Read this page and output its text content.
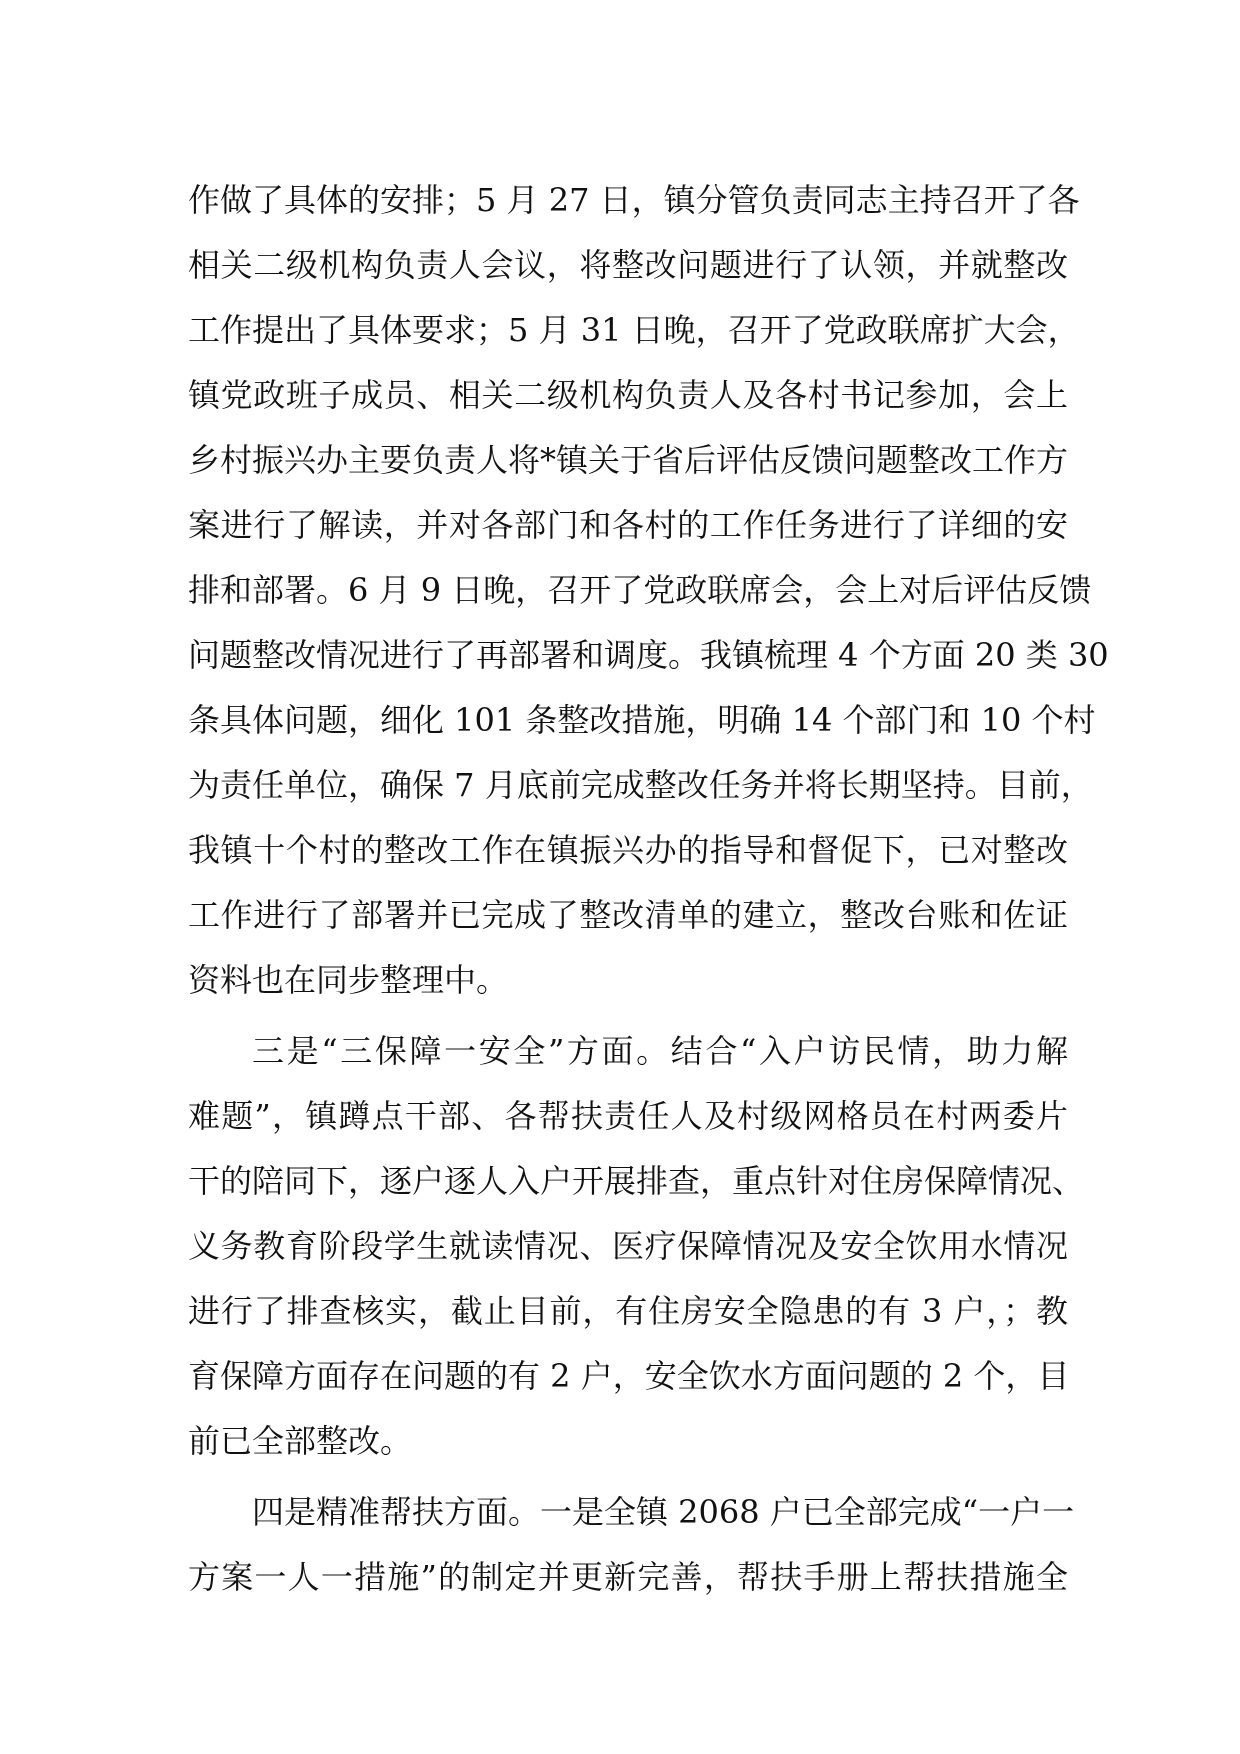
作做了具体的安排；5 月 27 日，镇分管负责同志主持召开了各
相关二级机构负责人会议，将整改问题进行了认领，并就整改
工作提出了具体要求；5 月 31 日晚，召开了党政联席扩大会，
镇党政班子成员、相关二级机构负责人及各村书记参加，会上
乡村振兴办主要负责人将*镇关于省后评估反馈问题整改工作方
案进行了解读，并对各部门和各村的工作任务进行了详细的安
排和部署。6 月 9 日晚，召开了党政联席会，会上对后评估反馈
问题整改情况进行了再部署和调度。我镇梳理 4 个方面 20 类 30
条具体问题，细化 101 条整改措施，明确 14 个部门和 10 个村
为责任单位，确保 7 月底前完成整改任务并将长期坚持。目前，
我镇十个村的整改工作在镇振兴办的指导和督促下，已对整改
工作进行了部署并已完成了整改清单的建立，整改台账和佐证
资料也在同步整理中。
三是“三保障一安全”方面。结合“入户访民情，助力解
难题”，镇蹲点干部、各帮扶责任人及村级网格员在村两委片
干的陪同下，逐户逐人入户开展排查，重点针对住房保障情况、
义务教育阶段学生就读情况、医疗保障情况及安全饮用水情况
进行了排查核实，截止目前，有住房安全隐患的有 3 户，；教
育保障方面存在问题的有 2 户，安全饮水方面问题的 2 个，目
前已全部整改。
四是精准帮扶方面。一是全镇 2068 户已全部完成“一户一
方案一人一措施”的制定并更新完善，帮扶手册上帮扶措施全
